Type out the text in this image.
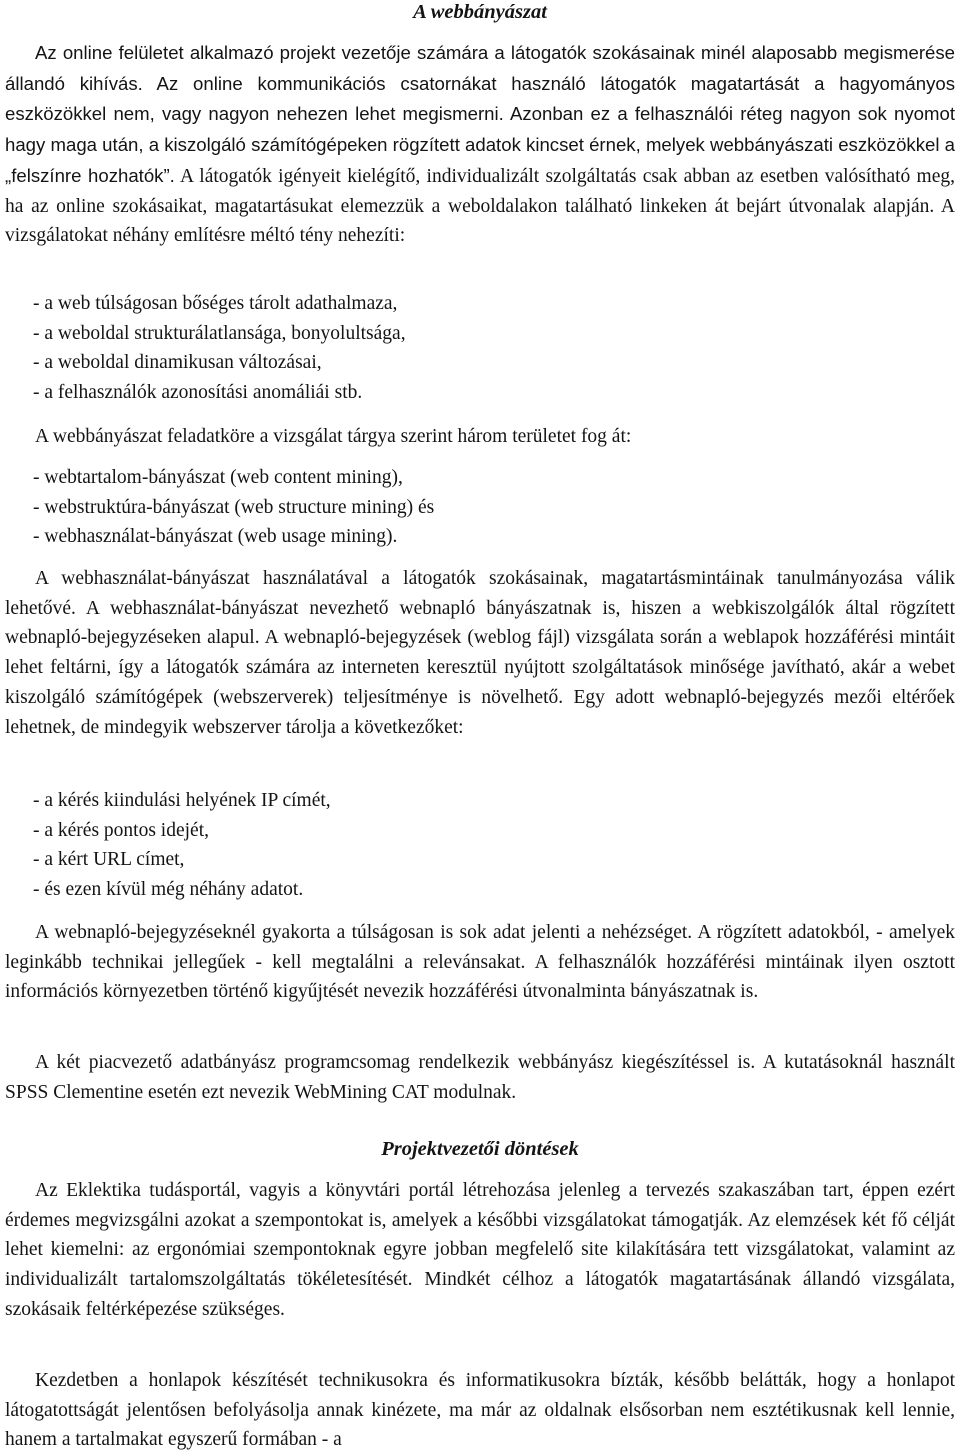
A webbányászat

Az online felületet alkalmazó projekt vezetője számára a látogatók szokásainak minél alaposabb megismerése állandó kihívás. Az online kommunikációs csatornákat használó látogatók magatartását a hagyományos eszközökkel nem, vagy nagyon nehezen lehet megismerni. Azonban ez a felhasználói réteg nagyon sok nyomot hagy maga után, a kiszolgáló számítógépeken rögzített adatok kincset érnek, melyek webbányászati eszközökkel a „felszínre hozhatók”. A látogatók igényeit kielégítő, individualizált szolgáltatás csak abban az esetben valósítható meg, ha az online szokásaikat, magatartásukat elemezzük a weboldalakon található linkeken át bejárt útvonalak alapján. A vizsgálatokat néhány említésre méltó tény nehezíti:

- a web túlságosan bőséges tárolt adathalmaza,
- a weboldal strukturálatlansága, bonyolultsága,
- a weboldal dinamikusan változásai,
- a felhasználók azonosítási anomáliái stb.

A webbányászat feladatköre a vizsgálat tárgya szerint három területet fog át:

- webtartalom-bányászat (web content mining),
- webstruktúra-bányászat (web structure mining) és
- webhasználat-bányászat (web usage mining).

A webhasználat-bányászat használatával a látogatók szokásainak, magatartásmintáinak tanulmányozása válik lehetővé. A webhasználat-bányászat nevezhető webnapló bányászatnak is, hiszen a webkiszolgálók által rögzített webnapló-bejegyzéseken alapul. A webnapló-bejegyzések (weblog fájl) vizsgálata során a weblapok hozzáférési mintáit lehet feltárni, így a látogatók számára az interneten keresztül nyújtott szolgáltatások minősége javítható, akár a webet kiszolgáló számítógépek (webszerverek) teljesítménye is növelhető. Egy adott webnapló-bejegyzés mezői eltérőek lehetnek, de mindegyik webszerver tárolja a következőket:

- a kérés kiindulási helyének IP címét,
- a kérés pontos idejét,
- a kért URL címet,
- és ezen kívül még néhány adatot.

A webnapló-bejegyzéseknél gyakorta a túlságosan is sok adat jelenti a nehézséget. A rögzített adatokból, - amelyek leginkább technikai jellegűek - kell megtalálni a relevánsakat. A felhasználók hozzáférési mintáinak ilyen osztott információs környezetben történő kigyűjtését nevezik hozzáférési útvonalminta bányászatnak is.

A két piacvezető adatbányász programcsomag rendelkezik webbányász kiegészítéssel is. A kutatásoknál használt SPSS Clementine esetén ezt nevezik WebMining CAT modulnak.

Projektvezetői döntések

Az Eklektika tudásportál, vagyis a könyvtári portál létrehozása jelenleg a tervezés szakaszában tart, éppen ezért érdemes megvizsgálni azokat a szempontokat is, amelyek a későbbi vizsgálatokat támogatják. Az elemzések két fő célját lehet kiemelni: az ergonómiai szempontoknak egyre jobban megfelelő site kilakítására tett vizsgálatokat, valamint az individualizált tartalomszolgáltatás tökéletesítését. Mindkét célhoz a látogatók magatartásának állandó vizsgálata, szokásaik feltérképezése szükséges.

Kezdetben a honlapok készítését technikusokra és informatikusokra bízták, később belátták, hogy a honlapot látogatottságát jelentősen befolyásolja annak kinézete, ma már az oldalnak elsősorban nem esztétikusnak kell lennie, hanem a tartalmakat egyszerű formában - a
